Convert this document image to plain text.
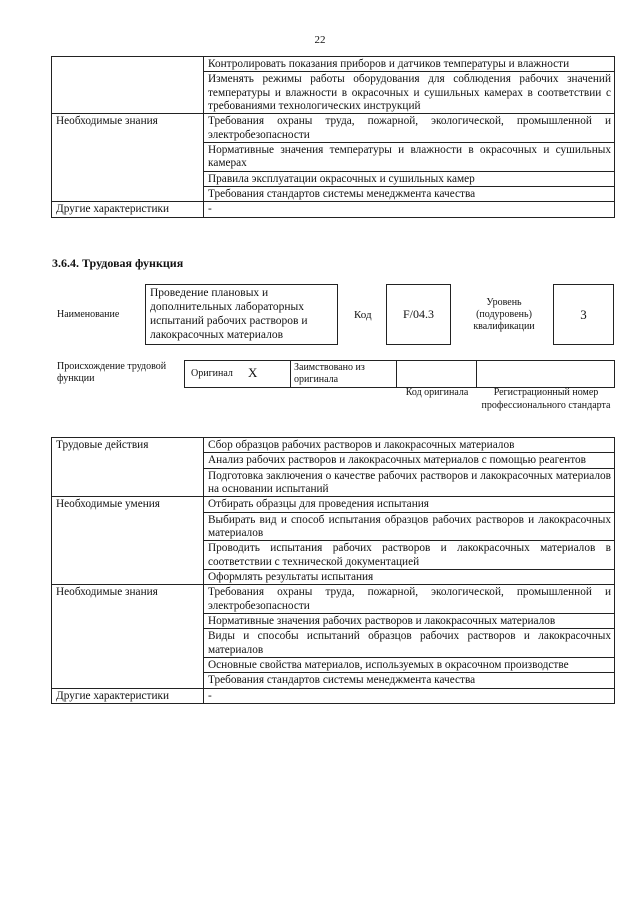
22
	Контролировать показания приборов и датчиков температуры и влажности
	Изменять режимы работы оборудования для соблюдения рабочих значений температуры и влажности в окрасочных и сушильных камерах в соответствии с требованиями технологических инструкций
Необходимые знания	Требования охраны труда, пожарной, экологической, промышленной и электробезопасности
	Нормативные значения температуры и влажности в окрасочных и сушильных камерах
	Правила эксплуатации окрасочных и сушильных камер
	Требования стандартов системы менеджмента качества
Другие характеристики	-
3.6.4. Трудовая функция
Наименование
Проведение плановых и дополнительных лабораторных испытаний рабочих растворов и лакокрасочных материалов
Код	F/04.3
Уровень (подуровень) квалификации
3
Происхождение трудовой функции	Оригинал X	Заимствовано из оригинала
Код оригинала	Регистрационный номер профессионального стандарта
Трудовые действия	Сбор образцов рабочих растворов и лакокрасочных материалов
	Анализ рабочих растворов и лакокрасочных материалов с помощью реагентов
	Подготовка заключения о качестве рабочих растворов и лакокрасочных материалов на основании испытаний
Необходимые умения	Отбирать образцы для проведения испытания
	Выбирать вид и способ испытания образцов рабочих растворов и лакокрасочных материалов
	Проводить испытания рабочих растворов и лакокрасочных материалов в соответствии с технической документацией
	Оформлять результаты испытания
Необходимые знания	Требования охраны труда, пожарной, экологической, промышленной и электробезопасности
	Нормативные значения рабочих растворов и лакокрасочных материалов
	Виды и способы испытаний образцов рабочих растворов и лакокрасочных материалов
	Основные свойства материалов, используемых в окрасочном производстве
	Требования стандартов системы менеджмента качества
Другие характеристики	-
